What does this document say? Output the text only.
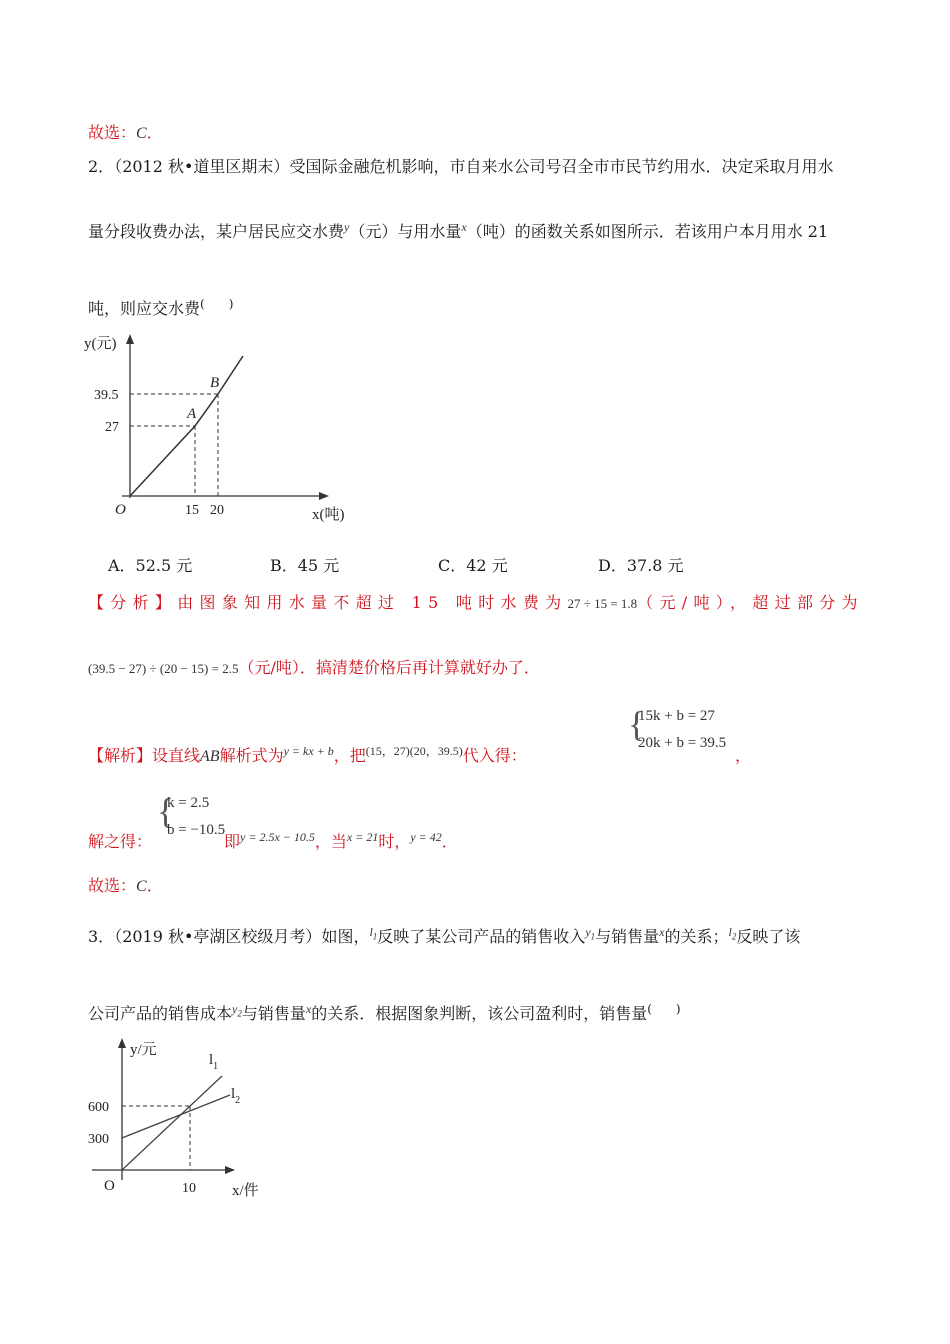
故选：C．
2．（2012 秋•道里区期末）受国际金融危机影响，市自来水公司号召全市市民节约用水．决定采取月用水
量分段收费办法，某户居民应交水费$^y$（元）与用水量$^x$（吨）的函数关系如图所示．若该用户本月用水 21
吨，则应交水费(　　)
y(元)
39.5
27
O	15 20	x(吨)
A
B
A．52.5 元	B．45 元	C．42 元	D．37.8 元
【分析】由图象知用水量不超过 15 吨时水费为27 ÷ 15 = 1.8（元/吨），超过部分为
(39.5 − 27) ÷ (20 − 15) = 2.5（元/吨）．搞清楚价格后再计算就好办了．
【解析】设直线AB解析式为$^{y = kx + b}$，把$^{(15,27)(20,39.5)}$代入得：
{
15k + b = 27
20k + b = 39.5
，
{
k = 2.5
b = −10.5
解之得：	即$^{y = 2.5x - 10.5}$，当$^{x = 21}$时，$^{y = 42}$．
故选：C．
3．（2019 秋•亭湖区校级月考）如图，$^{l_1}$反映了某公司产品的销售收入$^{y_1}$与销售量$^x$的关系；$^{l_2}$反映了该
公司产品的销售成本$^{y_2}$与销售量$^x$的关系．根据图象判断，该公司盈利时，销售量(　　)
y/元
600
300
O	10 x/件
$l_1$
$l_2$
